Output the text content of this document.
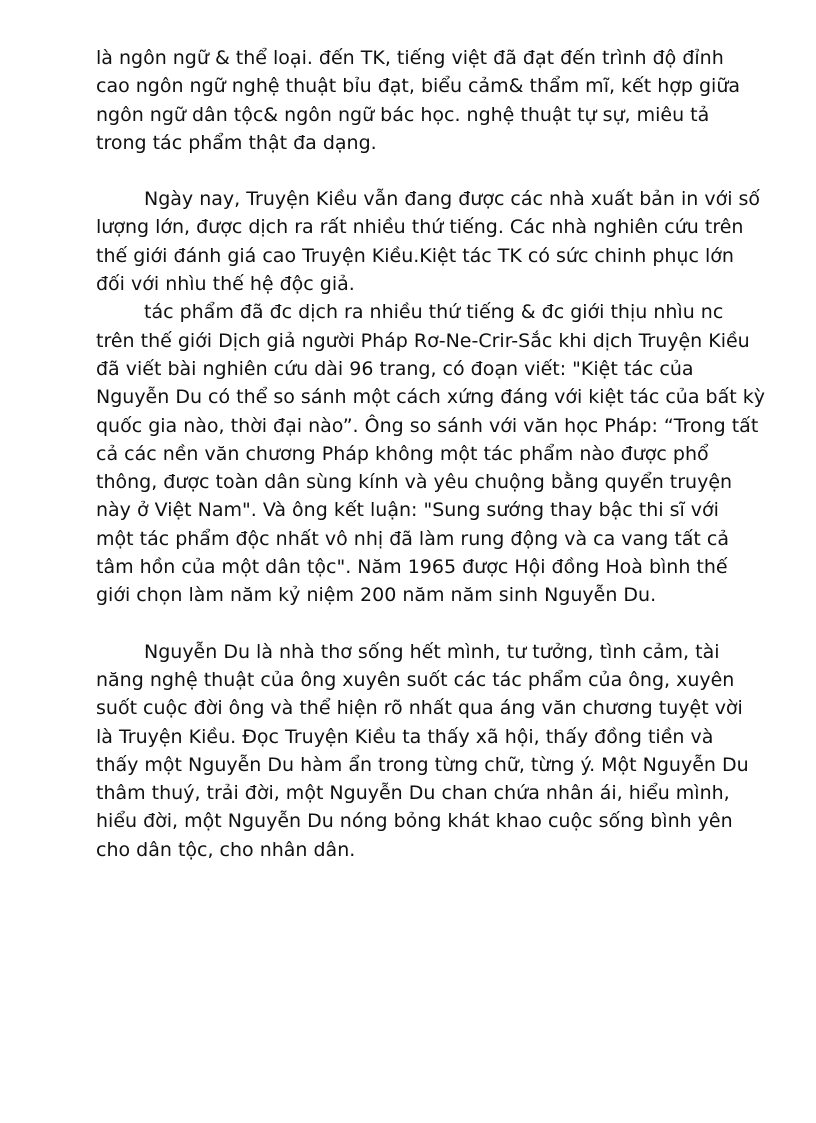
là ngôn ngữ & thể loại. đến TK, tiếng việt đã đạt đến trình độ đỉnh
cao ngôn ngữ nghệ thuật bỉu đạt, biểu cảm& thẩm mĩ, kết hợp giữa
ngôn ngữ dân tộc& ngôn ngữ bác học. nghệ thuật tự sự, miêu tả
trong tác phẩm thật đa dạng.

Ngày nay, Truyện Kiều vẫn đang được các nhà xuất bản in với số
lượng lớn, được dịch ra rất nhiều thứ tiếng. Các nhà nghiên cứu trên
thế giới đánh giá cao Truyện Kiều.Kiệt tác TK có sức chinh phục lớn
đối với nhìu thế hệ độc giả.

tác phẩm đã đc dịch ra nhiều thứ tiếng & đc giới thịu nhìu nc
trên thế giới Dịch giả người Pháp Rơ-Ne-Crir-Sắc khi dịch Truyện Kiều
đã viết bài nghiên cứu dài 96 trang, có đoạn viết: "Kiệt tác của
Nguyễn Du có thể so sánh một cách xứng đáng với kiệt tác của bất kỳ
quốc gia nào, thời đại nào”. Ông so sánh với văn học Pháp: “Trong tất
cả các nền văn chương Pháp không một tác phẩm nào được phổ
thông, được toàn dân sùng kính và yêu chuộng bằng quyển truyện
này ở Việt Nam". Và ông kết luận: "Sung sướng thay bậc thi sĩ với
một tác phẩm độc nhất vô nhị đã làm rung động và ca vang tất cả
tâm hồn của một dân tộc". Năm 1965 được Hội đồng Hoà bình thế
giới chọn làm năm kỷ niệm 200 năm năm sinh Nguyễn Du.

Nguyễn Du là nhà thơ sống hết mình, tư tưởng, tình cảm, tài
năng nghệ thuật của ông xuyên suốt các tác phẩm của ông, xuyên
suốt cuộc đời ông và thể hiện rõ nhất qua áng văn chương tuyệt vời
là Truyện Kiều. Đọc Truyện Kiều ta thấy xã hội, thấy đồng tiền và
thấy một Nguyễn Du hàm ẩn trong từng chữ, từng ý. Một Nguyễn Du
thâm thuý, trải đời, một Nguyễn Du chan chứa nhân ái, hiểu mình,
hiểu đời, một Nguyễn Du nóng bỏng khát khao cuộc sống bình yên
cho dân tộc, cho nhân dân.
